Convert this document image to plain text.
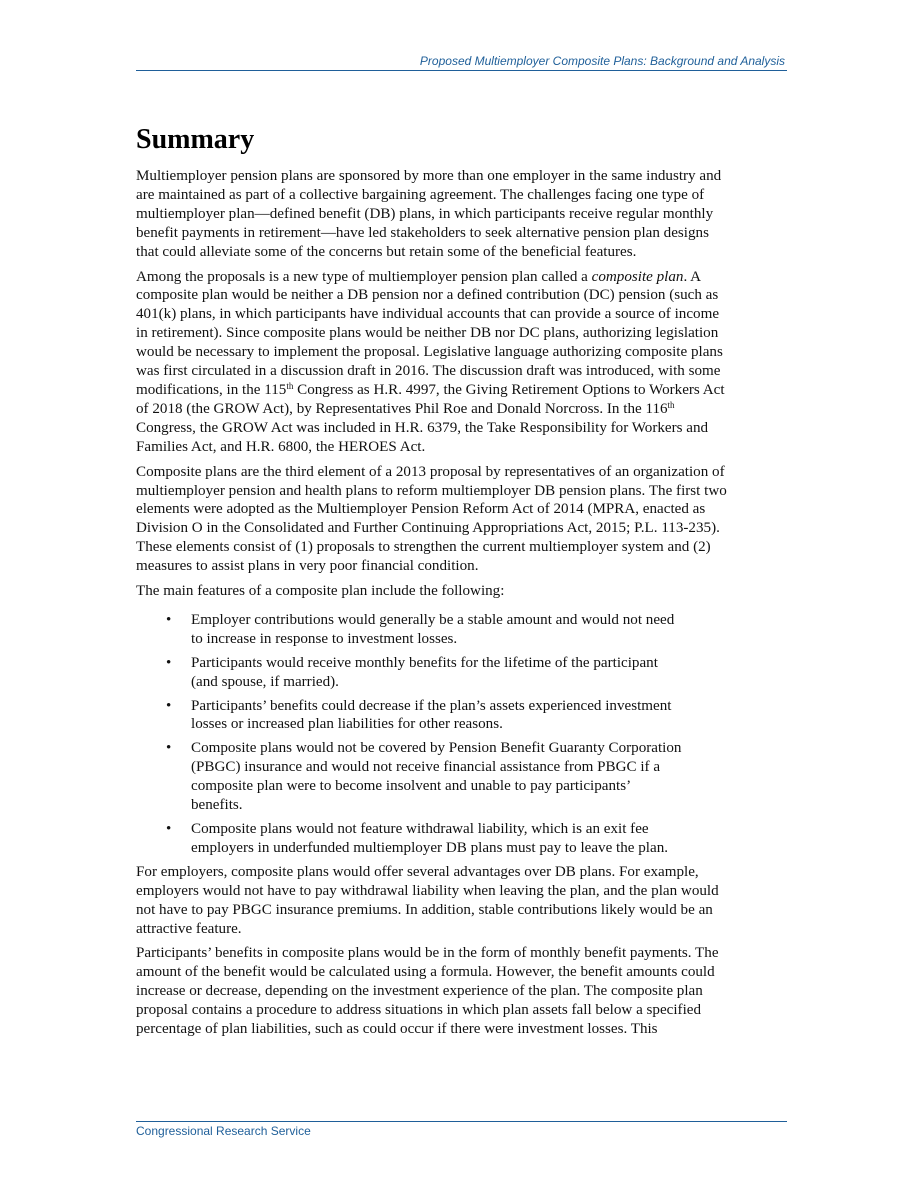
Proposed Multiemployer Composite Plans: Background and Analysis
Summary

Multiemployer pension plans are sponsored by more than one employer in the same industry and
are maintained as part of a collective bargaining agreement. The challenges facing one type of
multiemployer plan—defined benefit (DB) plans, in which participants receive regular monthly
benefit payments in retirement—have led stakeholders to seek alternative pension plan designs
that could alleviate some of the concerns but retain some of the beneficial features.

Among the proposals is a new type of multiemployer pension plan called a composite plan. A
composite plan would be neither a DB pension nor a defined contribution (DC) pension (such as
401(k) plans, in which participants have individual accounts that can provide a source of income
in retirement). Since composite plans would be neither DB nor DC plans, authorizing legislation
would be necessary to implement the proposal. Legislative language authorizing composite plans
was first circulated in a discussion draft in 2016. The discussion draft was introduced, with some
modifications, in the 115th Congress as H.R. 4997, the Giving Retirement Options to Workers Act
of 2018 (the GROW Act), by Representatives Phil Roe and Donald Norcross. In the 116th
Congress, the GROW Act was included in H.R. 6379, the Take Responsibility for Workers and
Families Act, and H.R. 6800, the HEROES Act.

Composite plans are the third element of a 2013 proposal by representatives of an organization of
multiemployer pension and health plans to reform multiemployer DB pension plans. The first two
elements were adopted as the Multiemployer Pension Reform Act of 2014 (MPRA, enacted as
Division O in the Consolidated and Further Continuing Appropriations Act, 2015; P.L. 113-235).
These elements consist of (1) proposals to strengthen the current multiemployer system and (2)
measures to assist plans in very poor financial condition.

The main features of a composite plan include the following:

• Employer contributions would generally be a stable amount and would not need
to increase in response to investment losses.
• Participants would receive monthly benefits for the lifetime of the participant
(and spouse, if married).
• Participants’ benefits could decrease if the plan’s assets experienced investment
losses or increased plan liabilities for other reasons.
• Composite plans would not be covered by Pension Benefit Guaranty Corporation
(PBGC) insurance and would not receive financial assistance from PBGC if a
composite plan were to become insolvent and unable to pay participants’
benefits.
• Composite plans would not feature withdrawal liability, which is an exit fee
employers in underfunded multiemployer DB plans must pay to leave the plan.

For employers, composite plans would offer several advantages over DB plans. For example,
employers would not have to pay withdrawal liability when leaving the plan, and the plan would
not have to pay PBGC insurance premiums. In addition, stable contributions likely would be an
attractive feature.

Participants’ benefits in composite plans would be in the form of monthly benefit payments. The
amount of the benefit would be calculated using a formula. However, the benefit amounts could
increase or decrease, depending on the investment experience of the plan. The composite plan
proposal contains a procedure to address situations in which plan assets fall below a specified
percentage of plan liabilities, such as could occur if there were investment losses. This

Congressional Research Service
